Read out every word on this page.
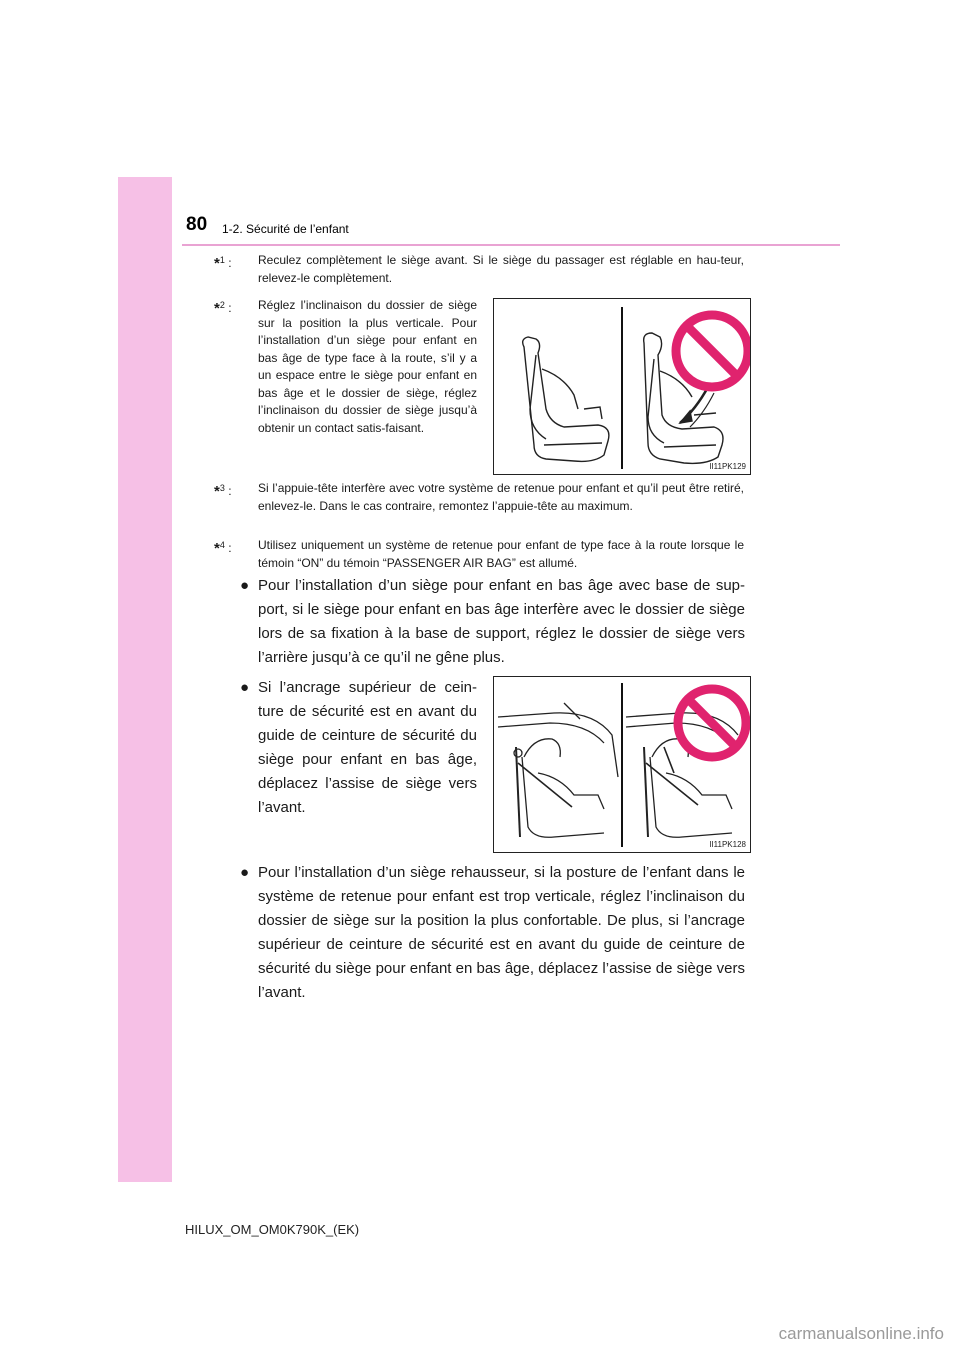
80 1-2. Sécurité de l’enfant
*$^1$ : Reculez complètement le siège avant. Si le siège du passager est réglable en hau-teur, relevez-le complètement.
*$^2$ : Réglez l’inclinaison du dossier de siège sur la position la plus verticale. Pour l’installation d’un siège pour enfant en bas âge de type face à la route, s’il y a un espace entre le siège pour enfant en bas âge et le dossier de siège, réglez l’inclinaison du dossier de siège jusqu’à obtenir un contact satis-faisant.
II11PK129
*$^3$ : Si l’appuie-tête interfère avec votre système de retenue pour enfant et qu’il peut être retiré, enlevez-le. Dans le cas contraire, remontez l’appuie-tête au maximum.
*$^4$ : Utilisez uniquement un système de retenue pour enfant de type face à la route lorsque le témoin “ON” du témoin “PASSENGER AIR BAG” est allumé.
● Pour l’installation d’un siège pour enfant en bas âge avec base de sup-port, si le siège pour enfant en bas âge interfère avec le dossier de siège lors de sa fixation à la base de support, réglez le dossier de siège vers l’arrière jusqu’à ce qu’il ne gêne plus.
● Si l’ancrage supérieur de cein-ture de sécurité est en avant du guide de ceinture de sécurité du siège pour enfant en bas âge, déplacez l’assise de siège vers l’avant.
II11PK128
● Pour l’installation d’un siège rehausseur, si la posture de l’enfant dans le système de retenue pour enfant est trop verticale, réglez l’inclinaison du dossier de siège sur la position la plus confortable. De plus, si l’ancrage supérieur de ceinture de sécurité est en avant du guide de ceinture de sécurité du siège pour enfant en bas âge, déplacez l’assise de siège vers l’avant.
HILUX_OM_OM0K790K_(EK)
carmanualsonline.info
